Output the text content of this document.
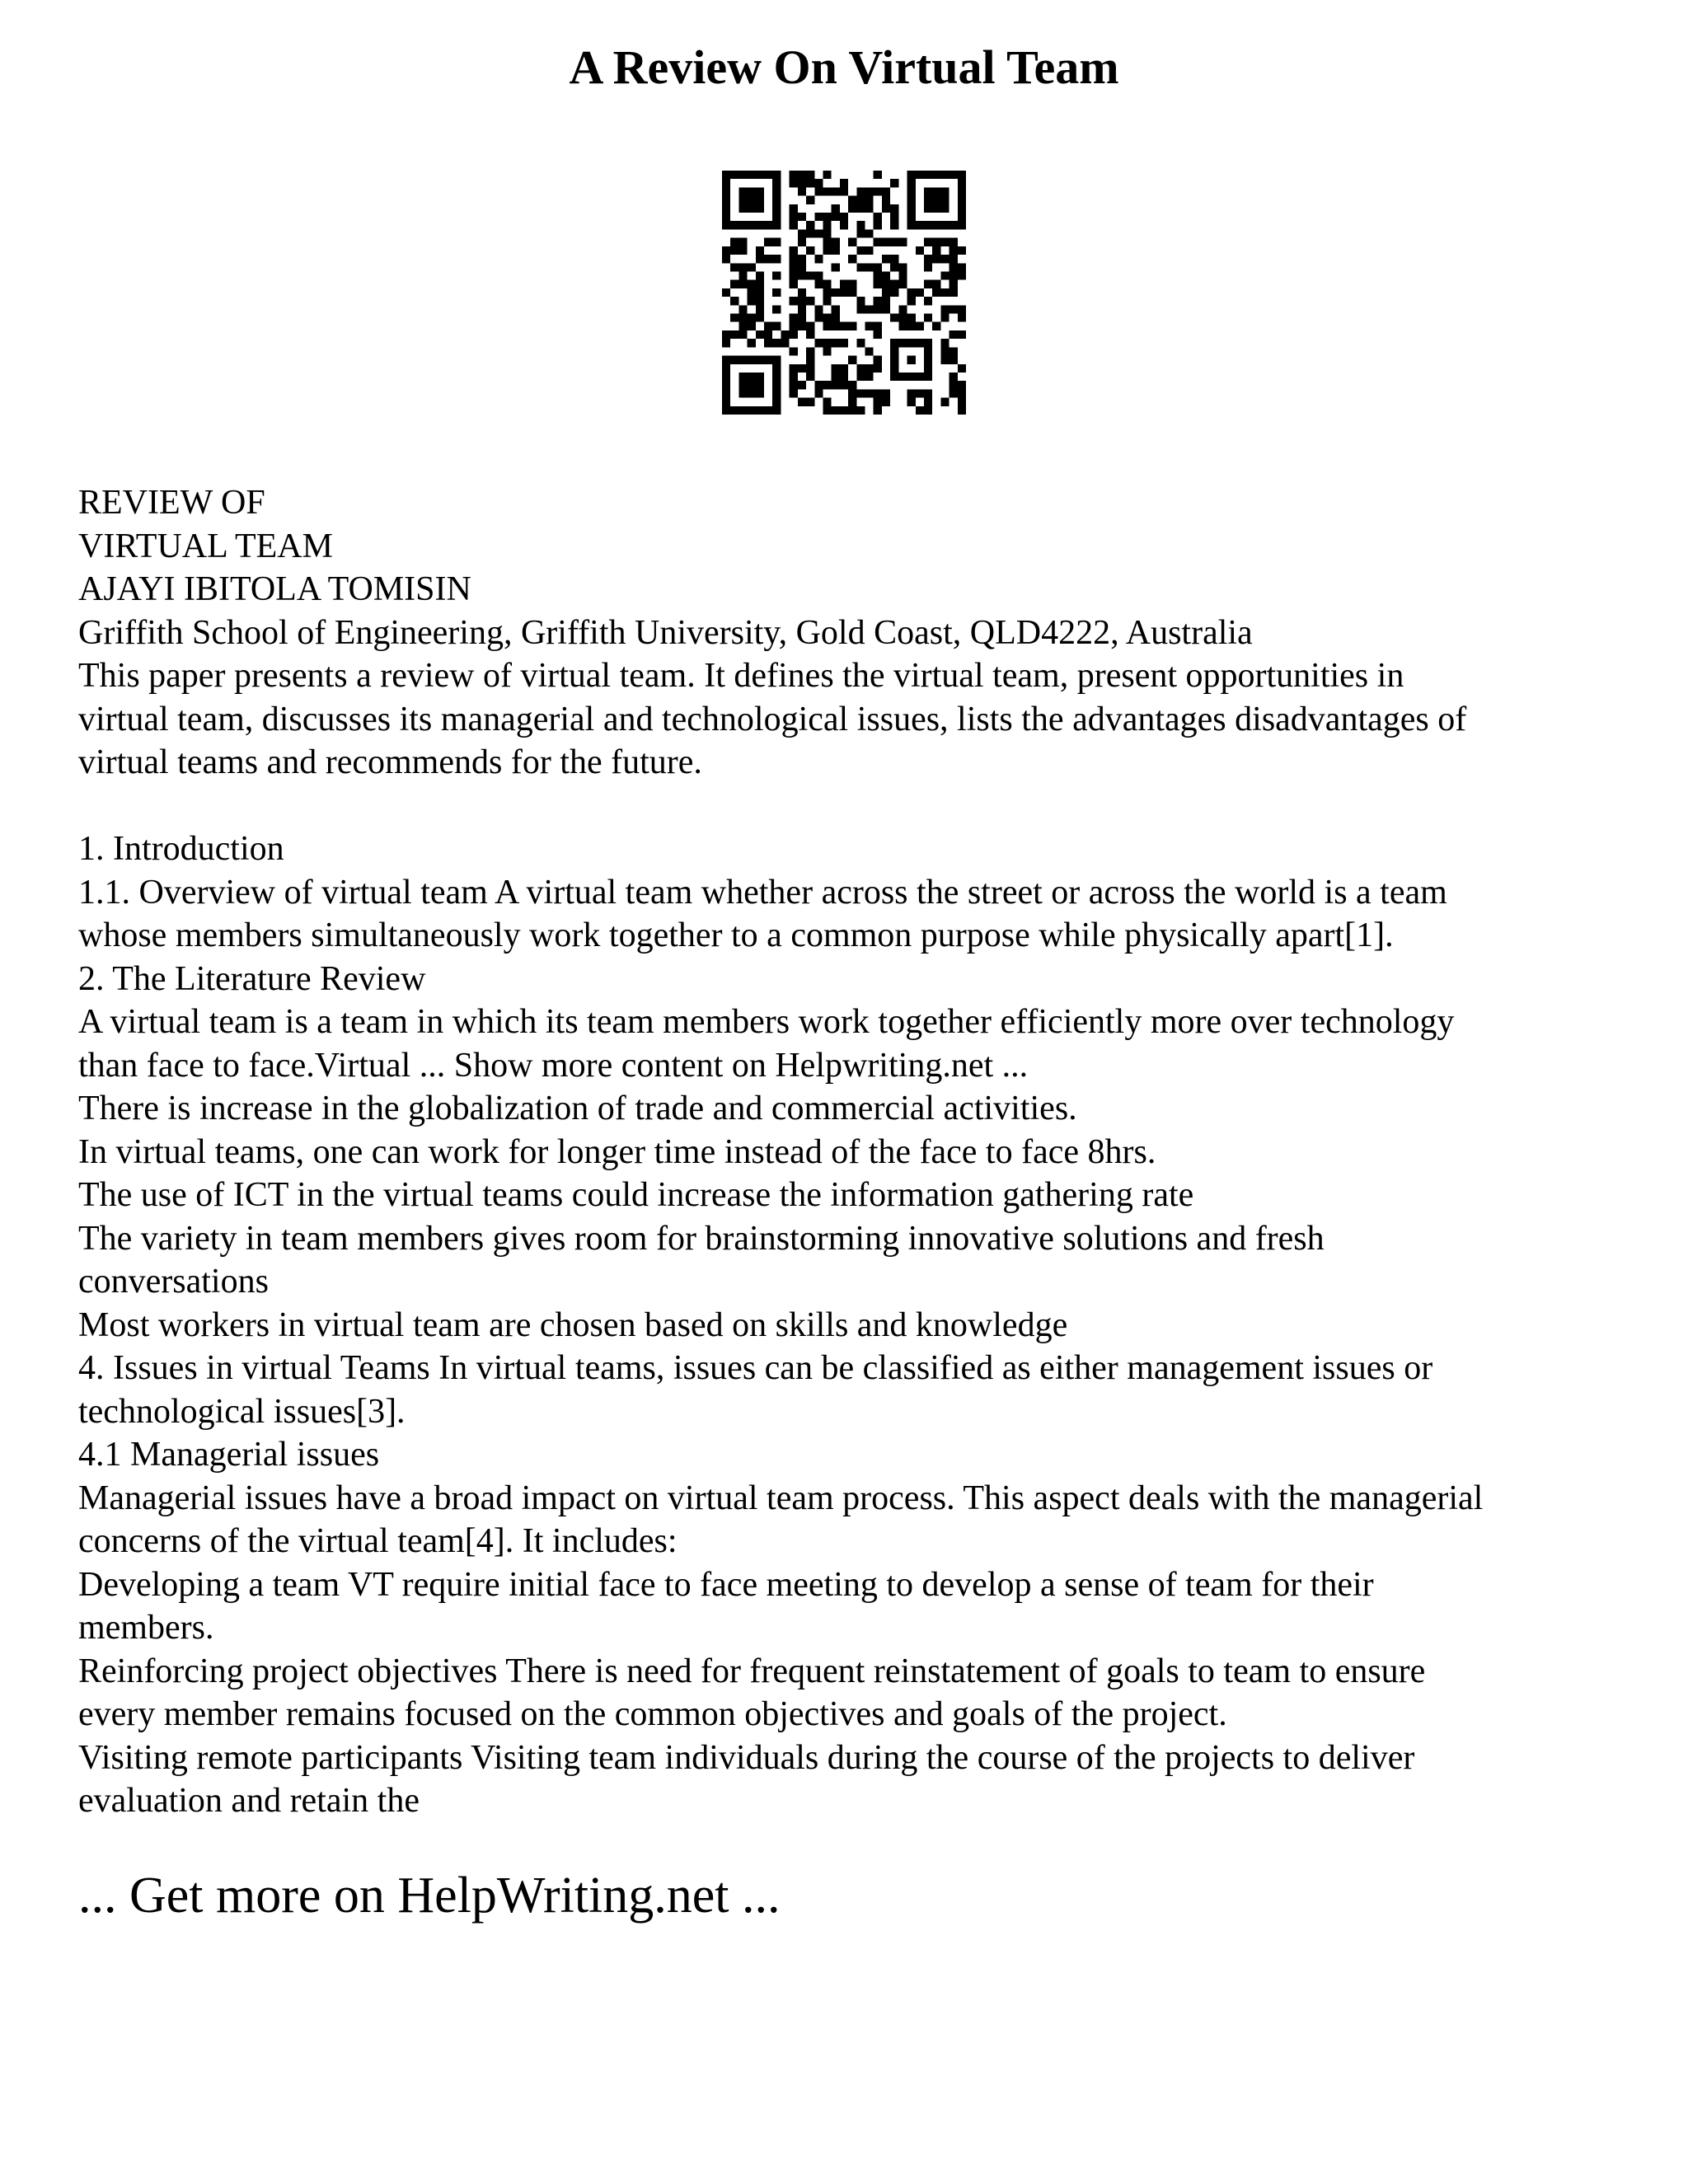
A Review On Virtual Team
REVIEW OF
VIRTUAL TEAM
AJAYI IBITOLA TOMISIN
Griffith School of Engineering, Griffith University, Gold Coast, QLD4222, Australia
This paper presents a review of virtual team. It defines the virtual team, present opportunities in
virtual team, discusses its managerial and technological issues, lists the advantages disadvantages of
virtual teams and recommends for the future.
1. Introduction
1.1. Overview of virtual team A virtual team whether across the street or across the world is a team
whose members simultaneously work together to a common purpose while physically apart[1].
2. The Literature Review
A virtual team is a team in which its team members work together efficiently more over technology
than face to face.Virtual ... Show more content on Helpwriting.net ...
There is increase in the globalization of trade and commercial activities.
In virtual teams, one can work for longer time instead of the face to face 8hrs.
The use of ICT in the virtual teams could increase the information gathering rate
The variety in team members gives room for brainstorming innovative solutions and fresh
conversations
Most workers in virtual team are chosen based on skills and knowledge
4. Issues in virtual Teams In virtual teams, issues can be classified as either management issues or
technological issues[3].
4.1 Managerial issues
Managerial issues have a broad impact on virtual team process. This aspect deals with the managerial
concerns of the virtual team[4]. It includes:
Developing a team VT require initial face to face meeting to develop a sense of team for their
members.
Reinforcing project objectives There is need for frequent reinstatement of goals to team to ensure
every member remains focused on the common objectives and goals of the project.
Visiting remote participants Visiting team individuals during the course of the projects to deliver
evaluation and retain the
... Get more on HelpWriting.net ...
